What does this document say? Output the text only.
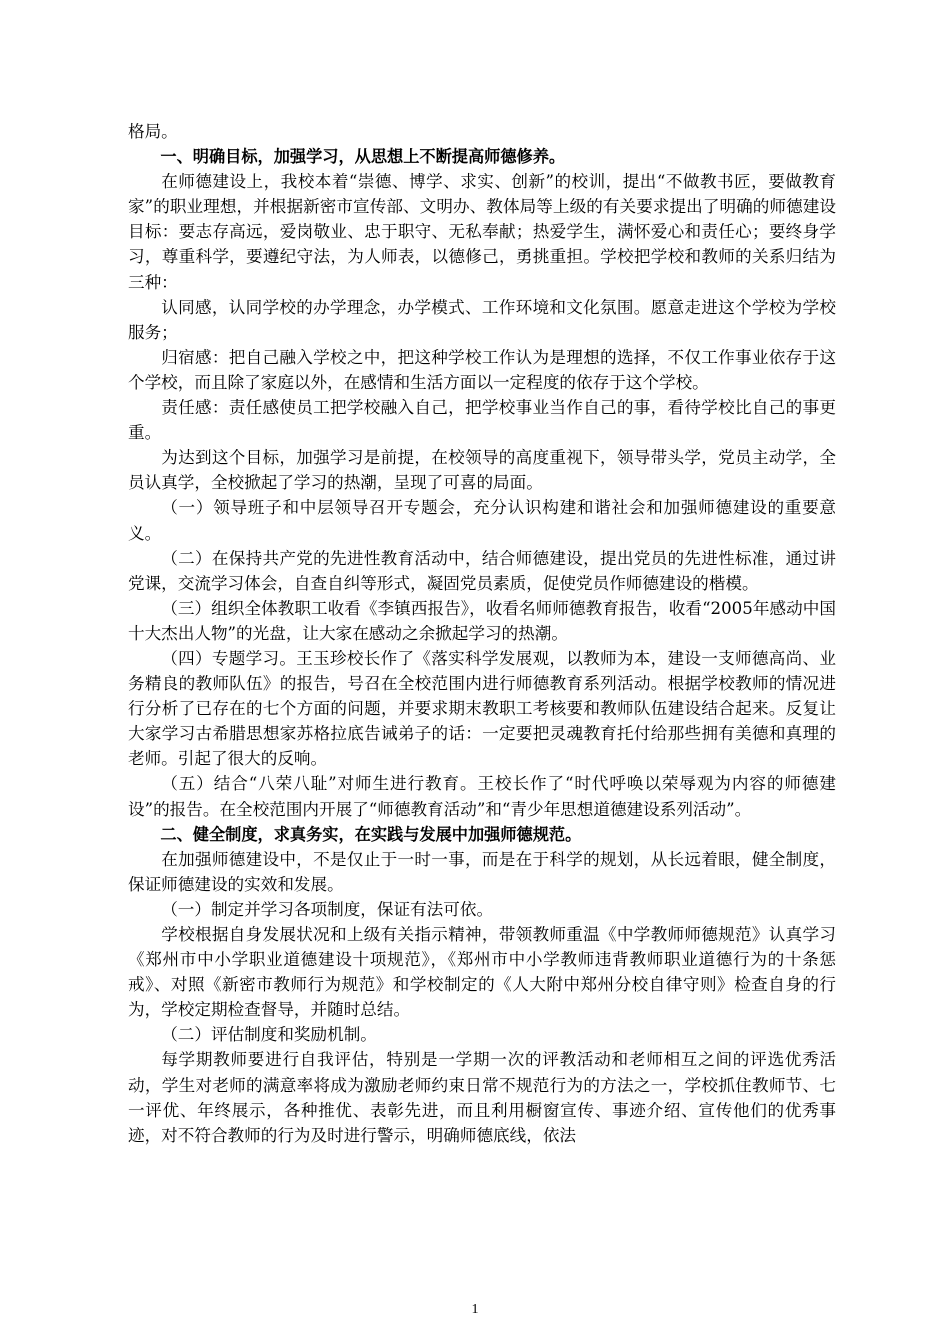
格局。

一、明确目标，加强学习，从思想上不断提高师德修养。

在师德建设上，我校本着“崇德、博学、求实、创新”的校训，提出“不做教书匠，要做教育家”的职业理想，并根据新密市宣传部、文明办、教体局等上级的有关要求提出了明确的师德建设目标：要志存高远，爱岗敬业、忠于职守、无私奉献；热爱学生，满怀爱心和责任心；要终身学习，尊重科学，要遵纪守法，为人师表，以德修己，勇挑重担。学校把学校和教师的关系归结为三种：

认同感，认同学校的办学理念，办学模式、工作环境和文化氛围。愿意走进这个学校为学校服务；

归宿感：把自己融入学校之中，把这种学校工作认为是理想的选择，不仅工作事业依存于这个学校，而且除了家庭以外，在感情和生活方面以一定程度的依存于这个学校。

责任感：责任感使员工把学校融入自己，把学校事业当作自己的事，看待学校比自己的事更重。

为达到这个目标，加强学习是前提，在校领导的高度重视下，领导带头学，党员主动学，全员认真学，全校掀起了学习的热潮，呈现了可喜的局面。

（一）领导班子和中层领导召开专题会，充分认识构建和谐社会和加强师德建设的重要意义。

（二）在保持共产党的先进性教育活动中，结合师德建设，提出党员的先进性标准，通过讲党课，交流学习体会，自查自纠等形式，凝固党员素质，促使党员作师德建设的楷模。

（三）组织全体教职工收看《李镇西报告》，收看名师师德教育报告，收看“2005年感动中国十大杰出人物”的光盘，让大家在感动之余掀起学习的热潮。

（四）专题学习。王玉珍校长作了《落实科学发展观，以教师为本，建设一支师德高尚、业务精良的教师队伍》的报告，号召在全校范围内进行师德教育系列活动。根据学校教师的情况进行分析了已存在的七个方面的问题，并要求期末教职工考核要和教师队伍建设结合起来。反复让大家学习古希腊思想家苏格拉底告诫弟子的话：一定要把灵魂教育托付给那些拥有美德和真理的老师。引起了很大的反响。

（五）结合“八荣八耻”对师生进行教育。王校长作了“时代呼唤以荣辱观为内容的师德建设”的报告。在全校范围内开展了“师德教育活动”和“青少年思想道德建设系列活动”。

二、健全制度，求真务实，在实践与发展中加强师德规范。

在加强师德建设中，不是仅止于一时一事，而是在于科学的规划，从长远着眼，健全制度，保证师德建设的实效和发展。

（一）制定并学习各项制度，保证有法可依。

学校根据自身发展状况和上级有关指示精神，带领教师重温《中学教师师德规范》认真学习《郑州市中小学职业道德建设十项规范》，《郑州市中小学教师违背教师职业道德行为的十条惩戒》、对照《新密市教师行为规范》和学校制定的《人大附中郑州分校自律守则》检查自身的行为，学校定期检查督导，并随时总结。

（二）评估制度和奖励机制。

每学期教师要进行自我评估，特别是一学期一次的评教活动和老师相互之间的评选优秀活动，学生对老师的满意率将成为激励老师约束日常不规范行为的方法之一，学校抓住教师节、七一评优、年终展示，各种推优、表彰先进，而且利用橱窗宣传、事迹介绍、宣传他们的优秀事迹，对不符合教师的行为及时进行警示，明确师德底线，依法

1
